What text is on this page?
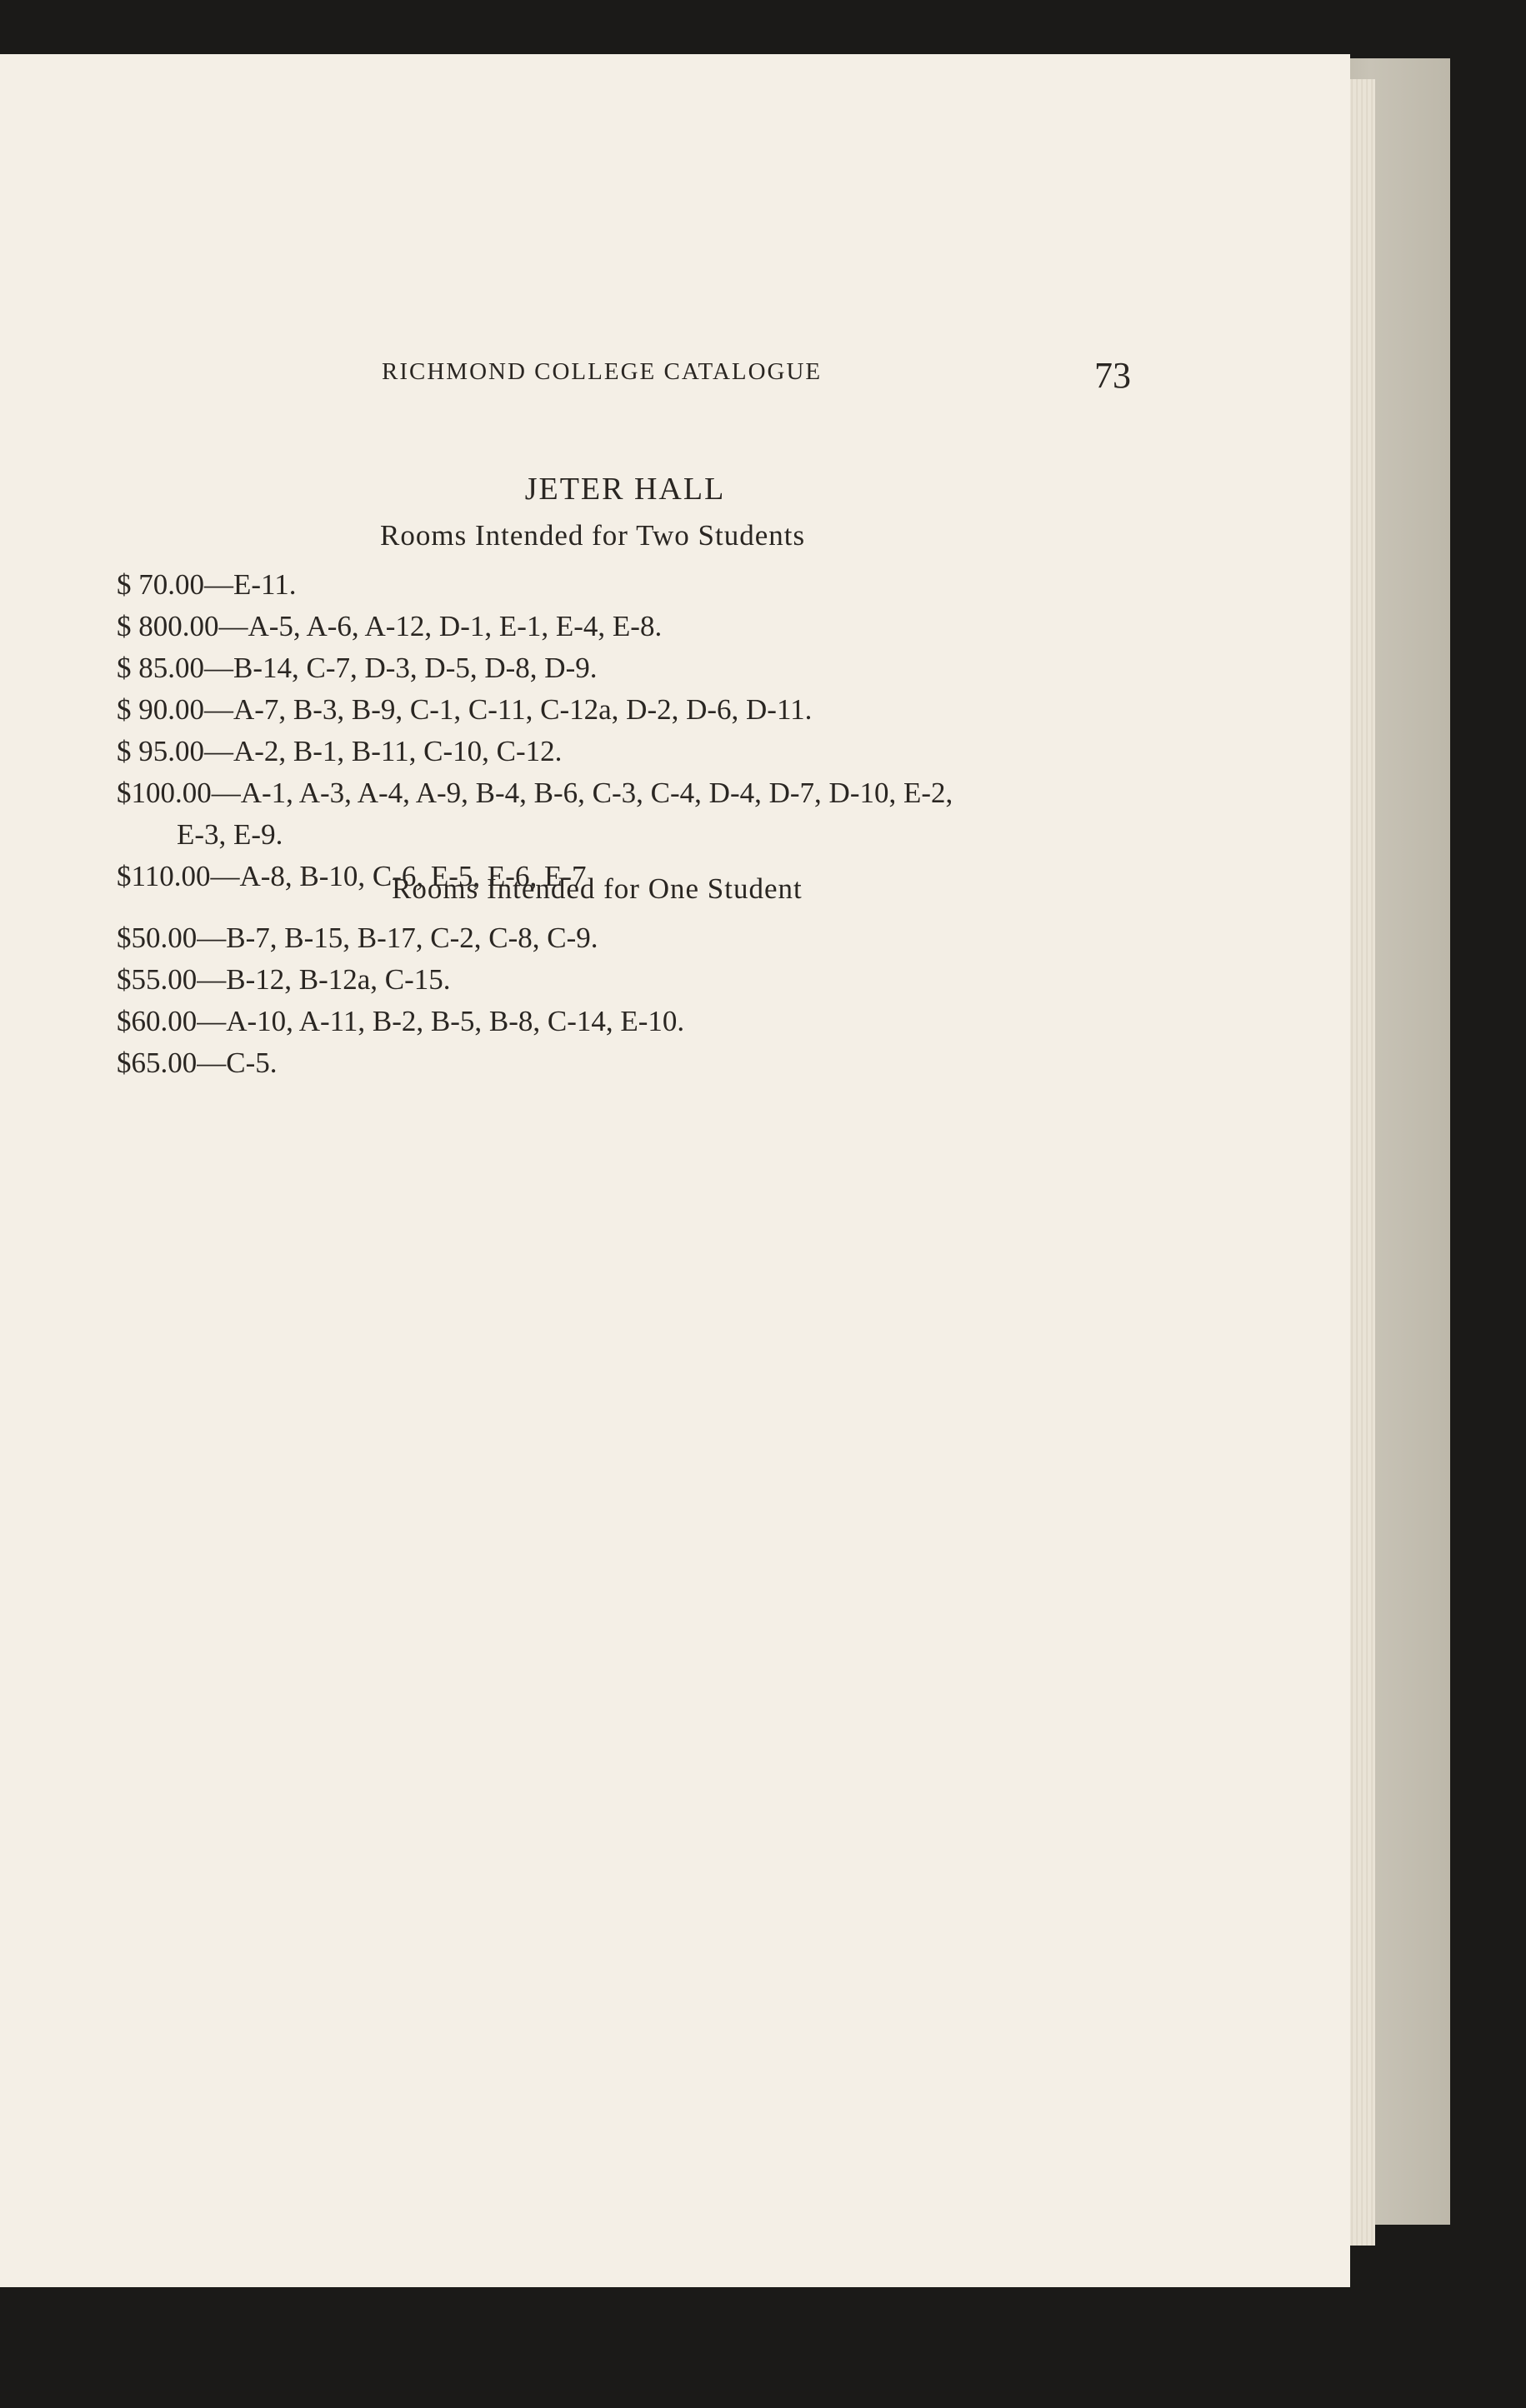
RICHMOND COLLEGE CATALOGUE	73
JETER HALL
Rooms Intended for Two Students
$ 70.00—E-11.
$ 800.00—A-5, A-6, A-12, D-1, E-1, E-4, E-8.
$ 85.00—B-14, C-7, D-3, D-5, D-8, D-9.
$ 90.00—A-7, B-3, B-9, C-1, C-11, C-12a, D-2, D-6, D-11.
$ 95.00—A-2, B-1, B-11, C-10, C-12.
$100.00—A-1, A-3, A-4, A-9, B-4, B-6, C-3, C-4, D-4, D-7, D-10, E-2,
E-3, E-9.
$110.00—A-8, B-10, C-6, E-5, E-6, E-7
Rooms Intended for One Student
$50.00—B-7, B-15, B-17, C-2, C-8, C-9.
$55.00—B-12, B-12a, C-15.
$60.00—A-10, A-11, B-2, B-5, B-8, C-14, E-10.
$65.00—C-5.
